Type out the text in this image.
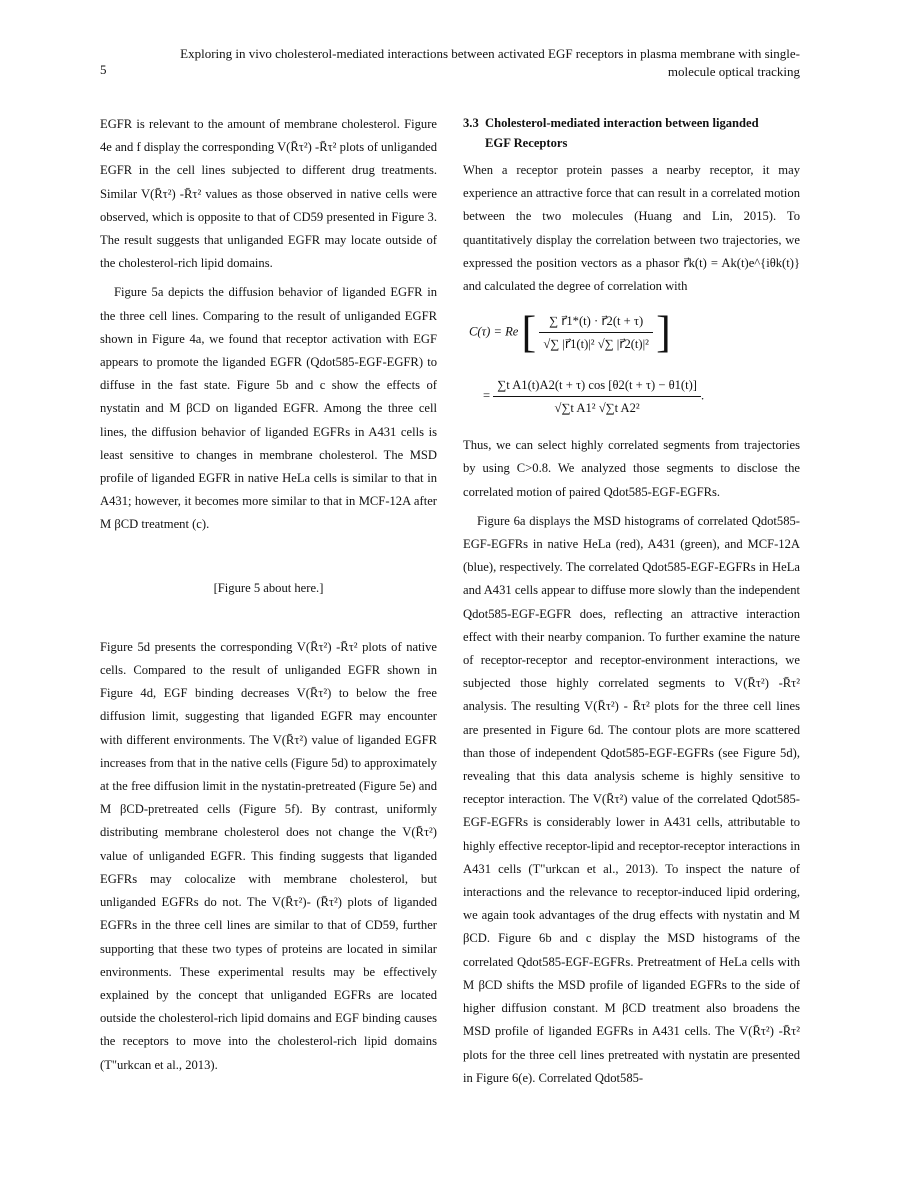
5
Exploring in vivo cholesterol-mediated interactions between activated EGF receptors in plasma membrane with single-molecule optical tracking

EGFR is relevant to the amount of membrane cholesterol. Figure 4e and f display the corresponding V(R̄τ²) -R̄τ² plots of unliganded EGFR in the cell lines subjected to different drug treatments. Similar V(R̄τ²) -R̄τ² values as those observed in native cells were observed, which is opposite to that of CD59 presented in Figure 3. The result suggests that unliganded EGFR may locate outside of the cholesterol-rich lipid domains.

Figure 5a depicts the diffusion behavior of liganded EGFR in the three cell lines. Comparing to the result of unliganded EGFR shown in Figure 4a, we found that receptor activation with EGF appears to promote the liganded EGFR (Qdot585-EGF-EGFR) to diffuse in the fast state. Figure 5b and c show the effects of nystatin and M βCD on liganded EGFR. Among the three cell lines, the diffusion behavior of liganded EGFRs in A431 cells is least sensitive to changes in membrane cholesterol. The MSD profile of liganded EGFR in native HeLa cells is similar to that in A431; however, it becomes more similar to that in MCF-12A after M βCD treatment (c).

[Figure 5 about here.]

Figure 5d presents the corresponding V(R̄τ²) -R̄τ² plots of native cells. Compared to the result of unliganded EGFR shown in Figure 4d, EGF binding decreases V(R̄τ²) to below the free diffusion limit, suggesting that liganded EGFR may encounter with different environments. The V(R̄τ²) value of liganded EGFR increases from that in the native cells (Figure 5d) to approximately at the free diffusion limit in the nystatin-pretreated (Figure 5e) and M βCD-pretreated cells (Figure 5f). By contrast, uniformly distributing membrane cholesterol does not change the V(R̄τ²) value of unliganded EGFR. This finding suggests that liganded EGFRs may colocalize with membrane cholesterol, but unliganded EGFRs do not. The V(R̄τ²)- (R̄τ²) plots of liganded EGFRs in the three cell lines are similar to that of CD59, further supporting that these two types of proteins are located in similar environments. These experimental results may be effectively explained by the concept that unliganded EGFRs are located outside the cholesterol-rich lipid domains and EGF binding causes the receptors to move into the cholesterol-rich lipid domains (T"urkcan et al., 2013).

3.3 Cholesterol-mediated interaction between liganded
EGF Receptors

When a receptor protein passes a nearby receptor, it may experience an attractive force that can result in a correlated motion between the two molecules (Huang and Lin, 2015). To quantitatively display the correlation between two trajectories, we expressed the position vectors as a phasor r⃗k(t) = Ak(t)e^{iθk(t)} and calculated the degree of correlation with

C(τ) = Re [ $\frac{\sum r⃗1*(t) \cdot r⃗2(t + \tau)}{\text{√∑ |r⃗1(t)|² √∑ |r⃗2(t)|²}}$ ]
= $\frac{\text{∑t A1(t)A2(t + τ) cos [θ2(t + τ) − θ1(t)]}}{\text{√∑t A1² √∑t A2²}}$ .

Thus, we can select highly correlated segments from trajectories by using C>0.8. We analyzed those segments to disclose the correlated motion of paired Qdot585-EGF-EGFRs.

Figure 6a displays the MSD histograms of correlated Qdot585-EGF-EGFRs in native HeLa (red), A431 (green), and MCF-12A (blue), respectively. The correlated Qdot585-EGF-EGFRs in HeLa and A431 cells appear to diffuse more slowly than the independent Qdot585-EGF-EGFR does, reflecting an attractive interaction effect with their nearby companion. To further examine the nature of receptor-receptor and receptor-environment interactions, we subjected those highly correlated segments to V(R̄τ²) -R̄τ² analysis. The resulting V(R̄τ²) - R̄τ² plots for the three cell lines are presented in Figure 6d. The contour plots are more scattered than those of independent Qdot585-EGF-EGFRs (see Figure 5d), revealing that this data analysis scheme is highly sensitive to receptor interaction. The V(R̄τ²) value of the correlated Qdot585-EGF-EGFRs is considerably lower in A431 cells, attributable to highly effective receptor-lipid and receptor-receptor interactions in A431 cells (T"urkcan et al., 2013). To inspect the nature of interactions and the relevance to receptor-induced lipid ordering, we again took advantages of the drug effects with nystatin and M βCD. Figure 6b and c display the MSD histograms of the correlated Qdot585-EGF-EGFRs. Pretreatment of HeLa cells with M βCD shifts the MSD profile of liganded EGFRs to the side of higher diffusion constant. M βCD treatment also broadens the MSD profile of liganded EGFRs in A431 cells. The V(R̄τ²) -R̄τ² plots for the three cell lines pretreated with nystatin are presented in Figure 6(e). Correlated Qdot585-
